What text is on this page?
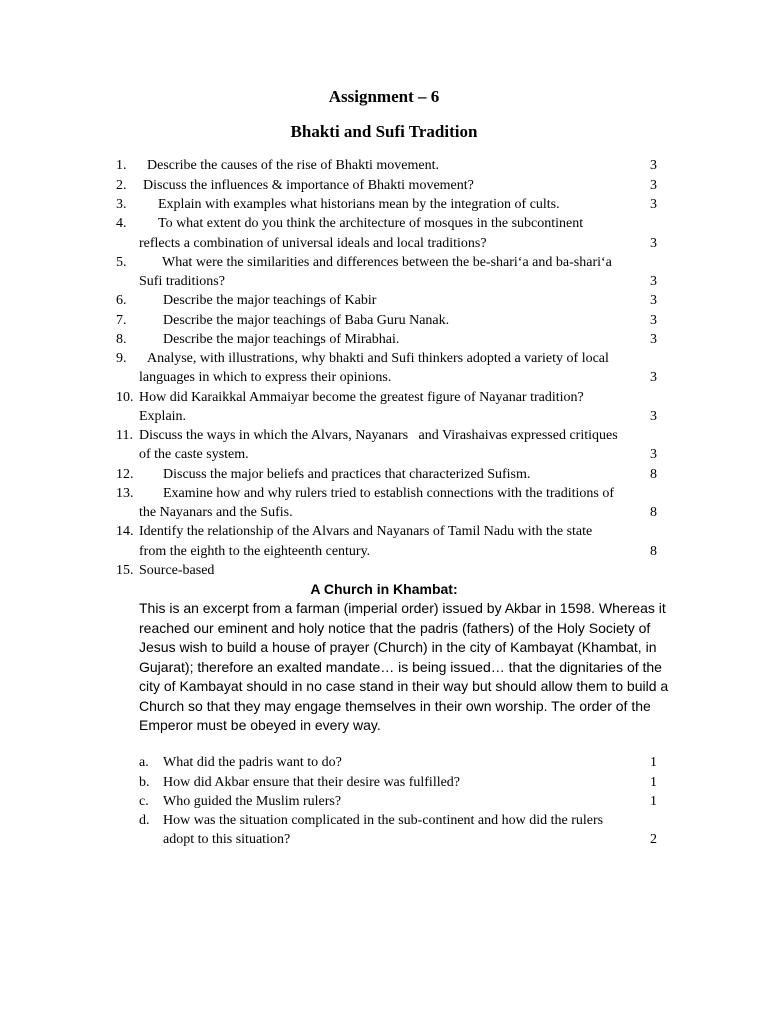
Assignment – 6
Bhakti and Sufi Tradition
1. Describe the causes of the rise of Bhakti movement.	3
2. Discuss the influences & importance of Bhakti movement?	3
3. Explain with examples what historians mean by the integration of cults.	3
4. To what extent do you think the architecture of mosques in the subcontinent
reflects a combination of universal ideals and local traditions?	3
5.	What were the similarities and differences between the be-shari‘a and ba-shari‘a
Sufi traditions?	3
6.	Describe the major teachings of Kabir	3
7.	Describe the major teachings of Baba Guru Nanak.	3
8.	Describe the major teachings of Mirabhai.	3
9. Analyse, with illustrations, why bhakti and Sufi thinkers adopted a variety of local
languages in which to express their opinions.	3
10. How did Karaikkal Ammaiyar become the greatest figure of Nayanar tradition?
Explain.	3
11. Discuss the ways in which the Alvars, Nayanars   and Virashaivas expressed critiques
of the caste system.	3
12. Discuss the major beliefs and practices that characterized Sufism.	8
13. Examine how and why rulers tried to establish connections with the traditions of
the Nayanars and the Sufis.	8
14. Identify the relationship of the Alvars and Nayanars of Tamil Nadu with the state
from the eighth to the eighteenth century.	8
15. Source-based
A Church in Khambat:
This is an excerpt from a farman (imperial order) issued by Akbar in 1598. Whereas it reached our eminent and holy notice that the padris (fathers) of the Holy Society of Jesus wish to build a house of prayer (Church) in the city of Kambayat (Khambat, in Gujarat); therefore an exalted mandate… is being issued… that the dignitaries of the city of Kambayat should in no case stand in their way but should allow them to build a Church so that they may engage themselves in their own worship. The order of the Emperor must be obeyed in every way.
a. What did the padris want to do?	1
b. How did Akbar ensure that their desire was fulfilled?	1
c. Who guided the Muslim rulers?	1
d. How was the situation complicated in the sub-continent and how did the rulers
adopt to this situation?	2
